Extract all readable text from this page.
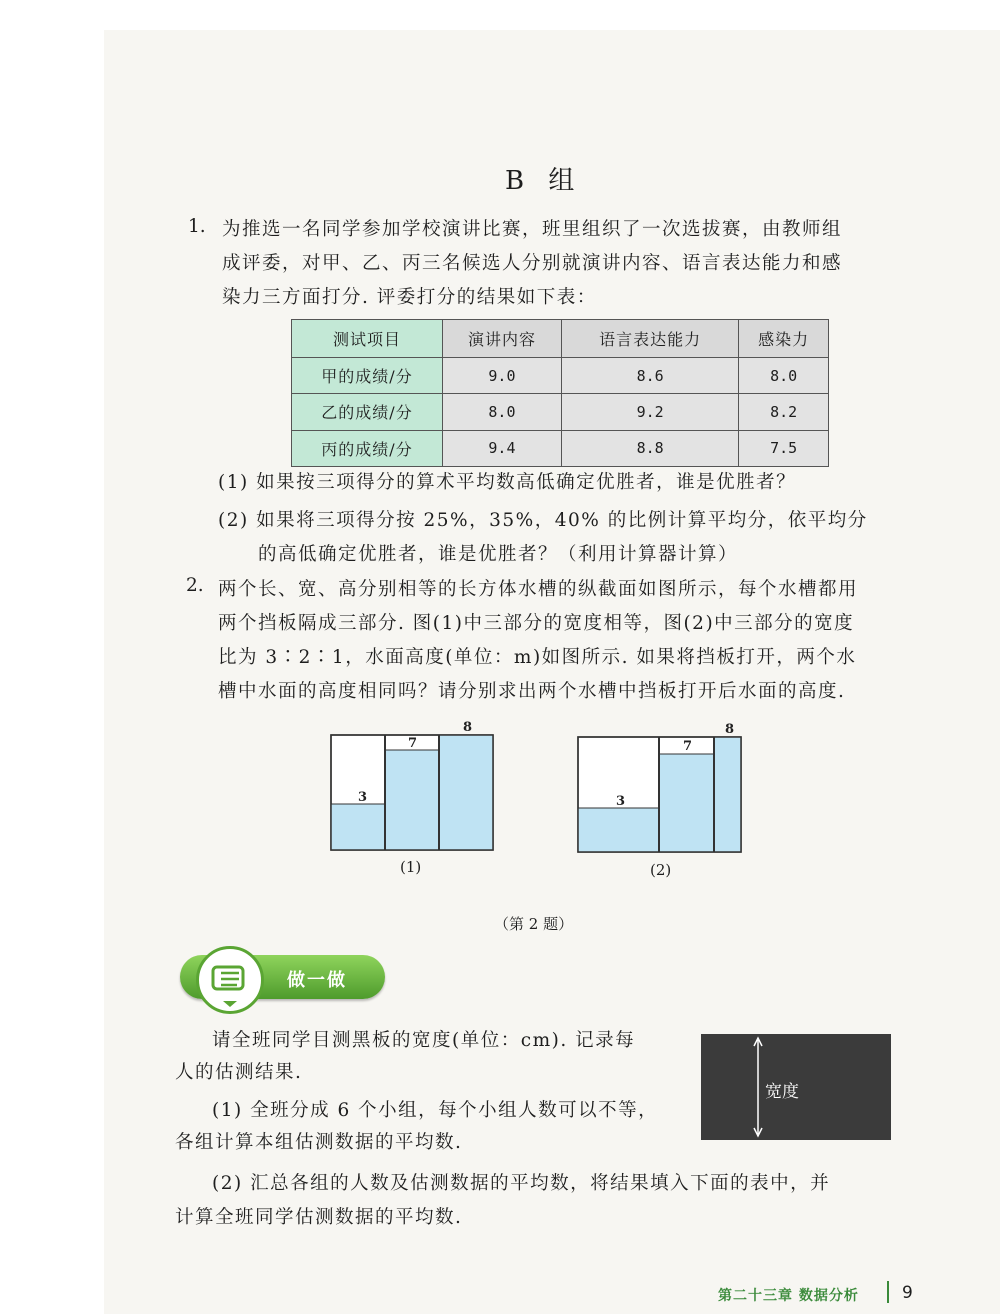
B 组
1. 为推选一名同学参加学校演讲比赛，班里组织了一次选拔赛，由教师组
成评委，对甲、乙、丙三名候选人分别就演讲内容、语言表达能力和感
染力三方面打分. 评委打分的结果如下表：
测试项目	演讲内容	语言表达能力	感染力
甲的成绩/分	9.0	8.6	8.0
乙的成绩/分	8.0	9.2	8.2
丙的成绩/分	9.4	8.8	7.5
(1) 如果按三项得分的算术平均数高低确定优胜者，谁是优胜者？
(2) 如果将三项得分按 25%，35%，40% 的比例计算平均分，依平均分
的高低确定优胜者，谁是优胜者？（利用计算器计算）
2. 两个长、宽、高分别相等的长方体水槽的纵截面如图所示，每个水槽都用
两个挡板隔成三部分. 图(1)中三部分的宽度相等，图(2)中三部分的宽度
比为 3∶2∶1，水面高度(单位：m)如图所示. 如果将挡板打开，两个水
槽中水面的高度相同吗？请分别求出两个水槽中挡板打开后水面的高度.
3
7
8
(1)
3
7
8
(2)
（第 2 题）
做一做
请全班同学目测黑板的宽度(单位：cm). 记录每
人的估测结果.
(1) 全班分成 6 个小组，每个小组人数可以不等，
各组计算本组估测数据的平均数.
(2) 汇总各组的人数及估测数据的平均数，将结果填入下面的表中，并
计算全班同学估测数据的平均数.
宽度
第二十三章 数据分析	9
